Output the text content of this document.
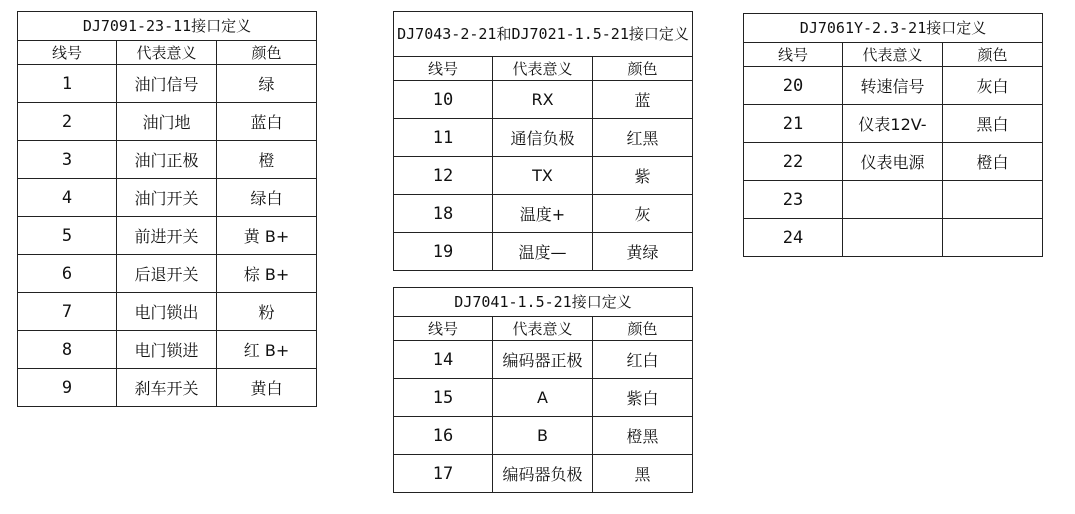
DJ7091-23-11接口定义		
线号	代表意义	颜色
1	油门信号	绿
2	油门地	蓝白
3	油门正极	橙
4	油门开关	绿白
5	前进开关	黄 B+
6	后退开关	棕 B+
7	电门锁出	粉
8	电门锁进	红 B+
9	刹车开关	黄白
DJ7043-2-21和DJ7021-1.5-21接口定义		
线号	代表意义	颜色
10	RX	蓝
11	通信负极	红黑
12	TX	紫
18	温度+	灰
19	温度—	黄绿
DJ7041-1.5-21接口定义		
线号	代表意义	颜色
14	编码器正极	红白
15	A	紫白
16	B	橙黑
17	编码器负极	黑
DJ7061Y-2.3-21接口定义		
线号	代表意义	颜色
20	转速信号	灰白
21	仪表12V-	黑白
22	仪表电源	橙白
23		
24		
